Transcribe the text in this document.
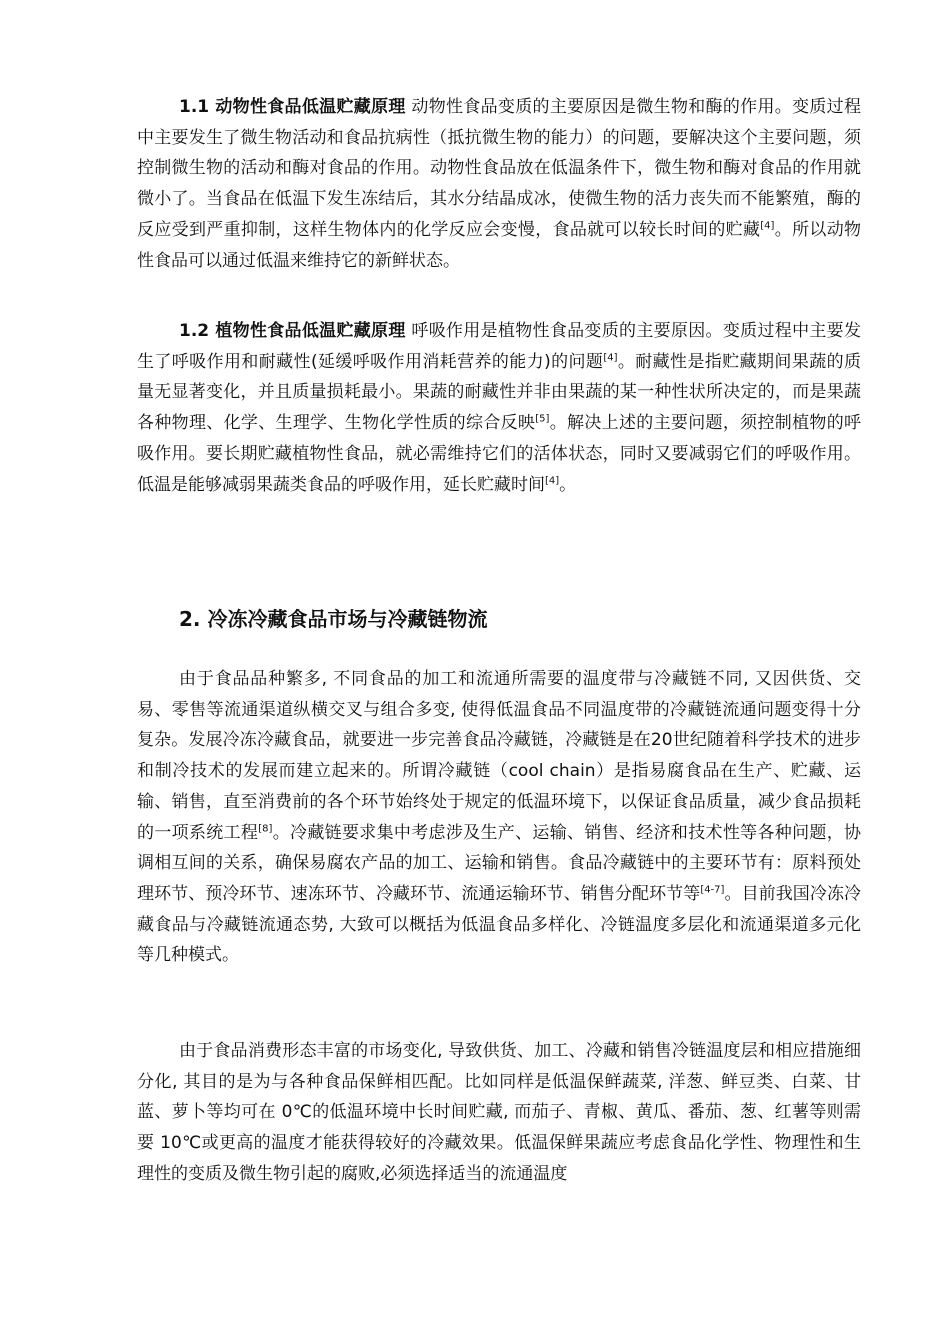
1.1 动物性食品低温贮藏原理 动物性食品变质的主要原因是微生物和酶的作用。变质过程中主要发生了微生物活动和食品抗病性（抵抗微生物的能力）的问题，要解决这个主要问题，须控制微生物的活动和酶对食品的作用。动物性食品放在低温条件下，微生物和酶对食品的作用就微小了。当食品在低温下发生冻结后，其水分结晶成冰，使微生物的活力丧失而不能繁殖，酶的反应受到严重抑制，这样生物体内的化学反应会变慢，食品就可以较长时间的贮藏[4]。所以动物性食品可以通过低温来维持它的新鲜状态。

1.2 植物性食品低温贮藏原理 呼吸作用是植物性食品变质的主要原因。变质过程中主要发生了呼吸作用和耐藏性(延缓呼吸作用消耗营养的能力)的问题[4]。耐藏性是指贮藏期间果蔬的质量无显著变化，并且质量损耗最小。果蔬的耐藏性并非由果蔬的某一种性状所决定的，而是果蔬各种物理、化学、生理学、生物化学性质的综合反映[5]。解决上述的主要问题，须控制植物的呼吸作用。要长期贮藏植物性食品，就必需维持它们的活体状态，同时又要减弱它们的呼吸作用。低温是能够减弱果蔬类食品的呼吸作用，延长贮藏时间[4]。

2. 冷冻冷藏食品市场与冷藏链物流

由于食品品种繁多, 不同食品的加工和流通所需要的温度带与冷藏链不同, 又因供货、交易、零售等流通渠道纵横交叉与组合多变, 使得低温食品不同温度带的冷藏链流通问题变得十分复杂。发展冷冻冷藏食品，就要进一步完善食品冷藏链，冷藏链是在20世纪随着科学技术的进步和制冷技术的发展而建立起来的。所谓冷藏链（cool chain）是指易腐食品在生产、贮藏、运输、销售，直至消费前的各个环节始终处于规定的低温环境下，以保证食品质量，减少食品损耗的一项系统工程[8]。冷藏链要求集中考虑涉及生产、运输、销售、经济和技术性等各种问题，协调相互间的关系，确保易腐农产品的加工、运输和销售。食品冷藏链中的主要环节有：原料预处理环节、预冷环节、速冻环节、冷藏环节、流通运输环节、销售分配环节等[4-7]。目前我国冷冻冷藏食品与冷藏链流通态势, 大致可以概括为低温食品多样化、冷链温度多层化和流通渠道多元化等几种模式。

由于食品消费形态丰富的市场变化, 导致供货、加工、冷藏和销售冷链温度层和相应措施细分化, 其目的是为与各种食品保鲜相匹配。比如同样是低温保鲜蔬菜, 洋葱、鲜豆类、白菜、甘蓝、萝卜等均可在 0℃的低温环境中长时间贮藏, 而茄子、青椒、黄瓜、番茄、葱、红薯等则需要 10℃或更高的温度才能获得较好的冷藏效果。低温保鲜果蔬应考虑食品化学性、物理性和生理性的变质及微生物引起的腐败,必须选择适当的流通温度
